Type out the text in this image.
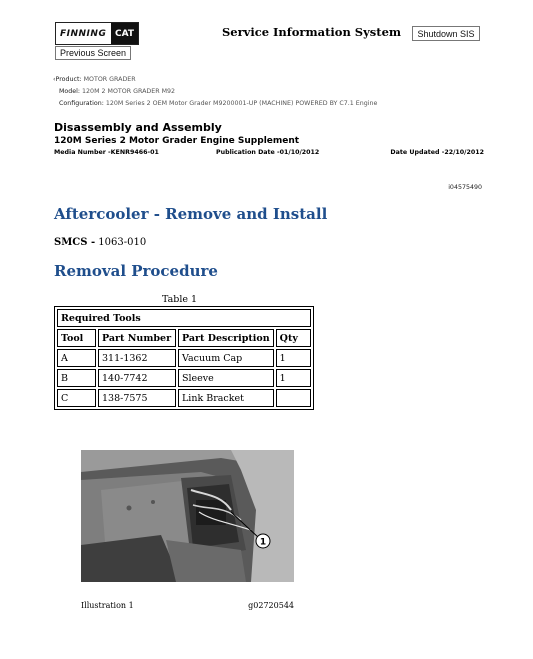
FINNING CAT	Service Information System	Shutdown SIS
Previous Screen
‹Product: MOTOR GRADER
Model: 120M 2 MOTOR GRADER M92
Configuration: 120M Series 2 OEM Motor Grader M9200001-UP (MACHINE) POWERED BY C7.1 Engine
Disassembly and Assembly
120M Series 2 Motor Grader Engine Supplement
Media Number -KENR9466-01	Publication Date -01/10/2012	Date Updated -22/10/2012
i04575490
Aftercooler - Remove and Install
SMCS - 1063-010
Removal Procedure
Table 1
Required Tools			
Tool	Part Number	Part Description	Qty
A	311-1362	Vacuum Cap	1
B	140-7742	Sleeve	1
C	138-7575	Link Bracket	
1
Illustration 1	g02720544
